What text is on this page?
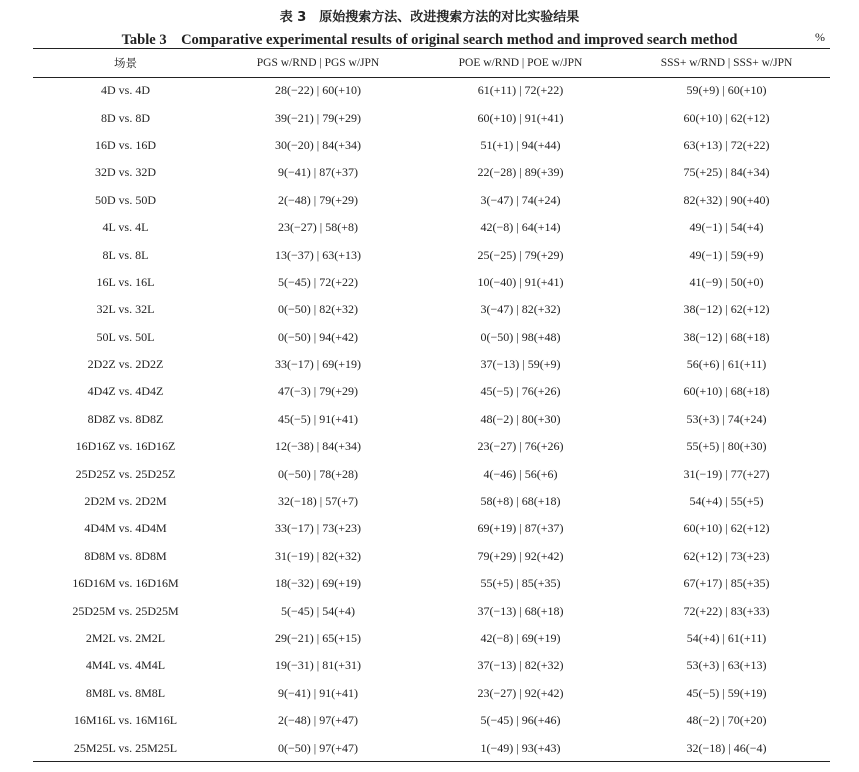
表 3　原始搜索方法、改进搜索方法的对比实验结果
Table 3　Comparative experimental results of original search method and improved search method	%
场景	PGS w/RND | PGS w/JPN	POE w/RND | POE w/JPN	SSS+ w/RND | SSS+ w/JPN
4D vs. 4D	28(−22) | 60(+10)	61(+11) | 72(+22)	59(+9) | 60(+10)
8D vs. 8D	39(−21) | 79(+29)	60(+10) | 91(+41)	60(+10) | 62(+12)
16D vs. 16D	30(−20) | 84(+34)	51(+1) | 94(+44)	63(+13) | 72(+22)
32D vs. 32D	9(−41) | 87(+37)	22(−28) | 89(+39)	75(+25) | 84(+34)
50D vs. 50D	2(−48) | 79(+29)	3(−47) | 74(+24)	82(+32) | 90(+40)
4L vs. 4L	23(−27) | 58(+8)	42(−8) | 64(+14)	49(−1) | 54(+4)
8L vs. 8L	13(−37) | 63(+13)	25(−25) | 79(+29)	49(−1) | 59(+9)
16L vs. 16L	5(−45) | 72(+22)	10(−40) | 91(+41)	41(−9) | 50(+0)
32L vs. 32L	0(−50) | 82(+32)	3(−47) | 82(+32)	38(−12) | 62(+12)
50L vs. 50L	0(−50) | 94(+42)	0(−50) | 98(+48)	38(−12) | 68(+18)
2D2Z vs. 2D2Z	33(−17) | 69(+19)	37(−13) | 59(+9)	56(+6) | 61(+11)
4D4Z vs. 4D4Z	47(−3) | 79(+29)	45(−5) | 76(+26)	60(+10) | 68(+18)
8D8Z vs. 8D8Z	45(−5) | 91(+41)	48(−2) | 80(+30)	53(+3) | 74(+24)
16D16Z vs. 16D16Z	12(−38) | 84(+34)	23(−27) | 76(+26)	55(+5) | 80(+30)
25D25Z vs. 25D25Z	0(−50) | 78(+28)	4(−46) | 56(+6)	31(−19) | 77(+27)
2D2M vs. 2D2M	32(−18) | 57(+7)	58(+8) | 68(+18)	54(+4) | 55(+5)
4D4M vs. 4D4M	33(−17) | 73(+23)	69(+19) | 87(+37)	60(+10) | 62(+12)
8D8M vs. 8D8M	31(−19) | 82(+32)	79(+29) | 92(+42)	62(+12) | 73(+23)
16D16M vs. 16D16M	18(−32) | 69(+19)	55(+5) | 85(+35)	67(+17) | 85(+35)
25D25M vs. 25D25M	5(−45) | 54(+4)	37(−13) | 68(+18)	72(+22) | 83(+33)
2M2L vs. 2M2L	29(−21) | 65(+15)	42(−8) | 69(+19)	54(+4) | 61(+11)
4M4L vs. 4M4L	19(−31) | 81(+31)	37(−13) | 82(+32)	53(+3) | 63(+13)
8M8L vs. 8M8L	9(−41) | 91(+41)	23(−27) | 92(+42)	45(−5) | 59(+19)
16M16L vs. 16M16L	2(−48) | 97(+47)	5(−45) | 96(+46)	48(−2) | 70(+20)
25M25L vs. 25M25L	0(−50) | 97(+47)	1(−49) | 93(+43)	32(−18) | 46(−4)
